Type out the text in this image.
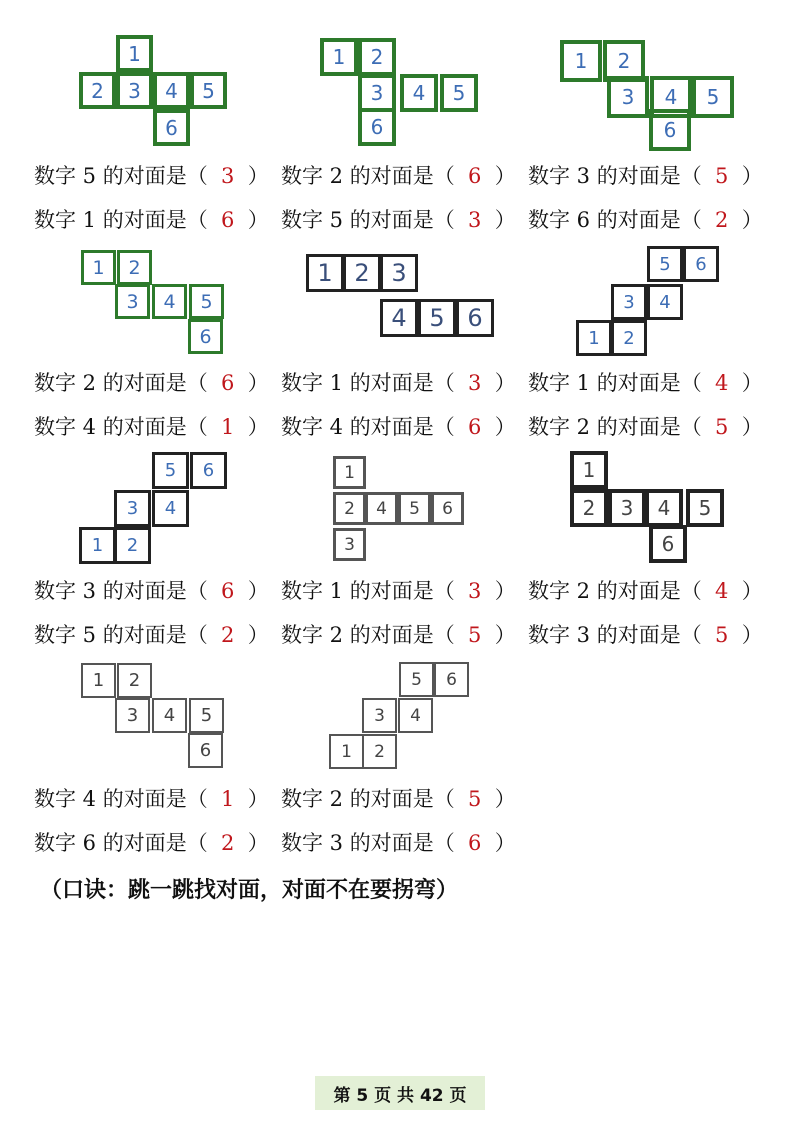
1
2	3	4	5
6
1	2
3	4	5
6
1	2
3	4	5
6
1	2
3	4	5
6
1 2 3
4 5 6
5	6
3	4
1	2
5	6
3	4
1	2
1
2	4	5	6
3
1
2	3	4	5
6
1	2
3	4	5
6
5	6
3	4
1	2
数字 5 的对面是（ 3 ） 数字 2 的对面是（ 6 ） 数字 3 的对面是（ 5 ）
数字 1 的对面是（ 6 ） 数字 5 的对面是（ 3 ） 数字 6 的对面是（ 2 ）
数字 2 的对面是（ 6 ） 数字 1 的对面是（ 3 ） 数字 1 的对面是（ 4 ）
数字 4 的对面是（ 1 ） 数字 4 的对面是（ 6 ） 数字 2 的对面是（ 5 ）
数字 3 的对面是（ 6 ） 数字 1 的对面是（ 3 ） 数字 2 的对面是（ 4 ）
数字 5 的对面是（ 2 ） 数字 2 的对面是（ 5 ） 数字 3 的对面是（ 5 ）
数字 4 的对面是（ 1 ） 数字 2 的对面是（ 5 ）
数字 6 的对面是（ 2 ） 数字 3 的对面是（ 6 ）
（口诀：跳一跳找对面，对面不在要拐弯）
第 5 页 共 42 页
